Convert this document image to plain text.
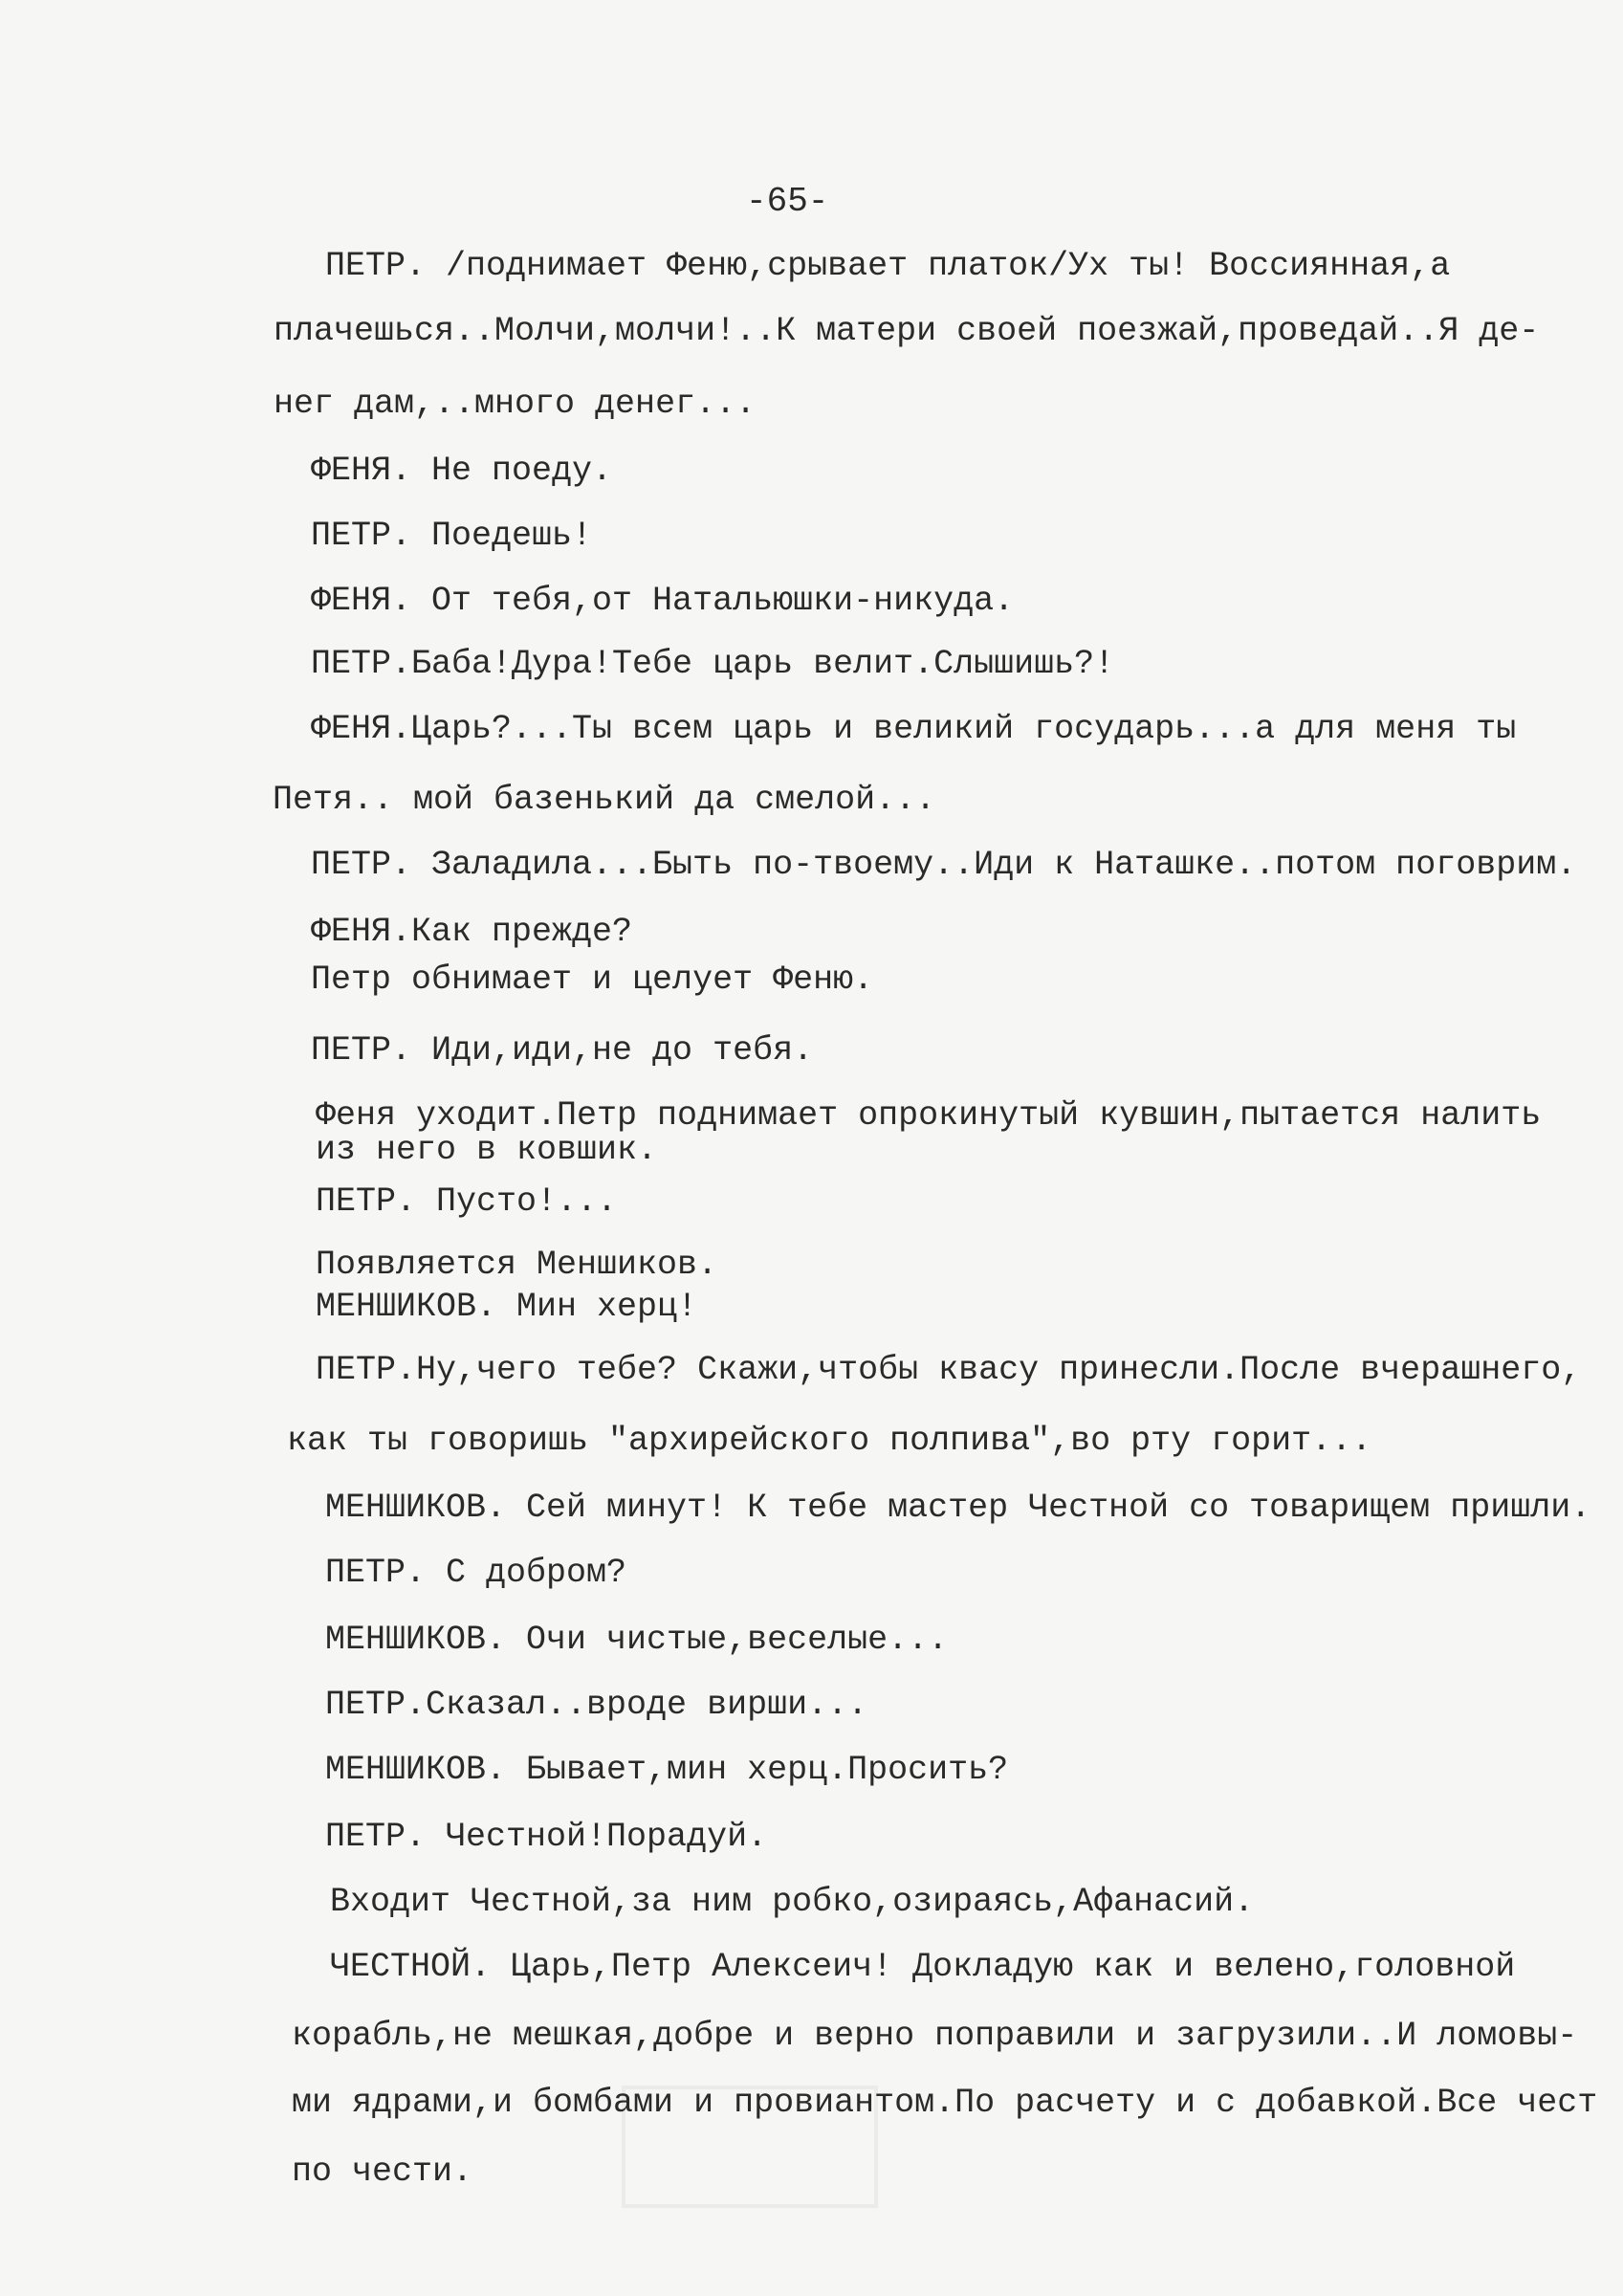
-65-
ПЕТР. /поднимает Феню,срывает платок/Ух ты! Воссиянная,а
плачешься..Молчи,молчи!..К матери своей поезжай,проведай..Я де-
нег дам,..много денег...
ФЕНЯ. Не поеду.
ПЕТР. Поедешь!
ФЕНЯ. От тебя,от Натальюшки-никуда.
ПЕТР.Баба!Дура!Тебе царь велит.Слышишь?!
ФЕНЯ.Царь?...Ты всем царь и великий государь...а для меня ты
Петя.. мой базенький да смелой...
ПЕТР. Заладила...Быть по-твоему..Иди к Наташке..потом поговрим.
ФЕНЯ.Как прежде?
Петр обнимает и целует Феню.
ПЕТР. Иди,иди,не до тебя.
Феня уходит.Петр поднимает опрокинутый кувшин,пытается налить
из него в ковшик.
ПЕТР. Пусто!...
Появляется Меншиков.
МЕНШИКОВ. Мин херц!
ПЕТР.Ну,чего тебе? Скажи,чтобы квасу принесли.После вчерашнего,
как ты говоришь "архирейского полпива",во рту горит...
МЕНШИКОВ. Сей минут! К тебе мастер Честной со товарищем пришли.
ПЕТР. С добром?
МЕНШИКОВ. Очи чистые,веселые...
ПЕТР.Сказал..вроде вирши...
МЕНШИКОВ. Бывает,мин херц.Просить?
ПЕТР. Честной!Порадуй.
Входит Честной,за ним робко,озираясь,Афанасий.
ЧЕСТНОЙ. Царь,Петр Алексеич! Докладую как и велено,головной
корабль,не мешкая,добре и верно поправили и загрузили..И ломовы-
ми ядрами,и бомбами и провиантом.По расчету и с добавкой.Все чест
по чести.
